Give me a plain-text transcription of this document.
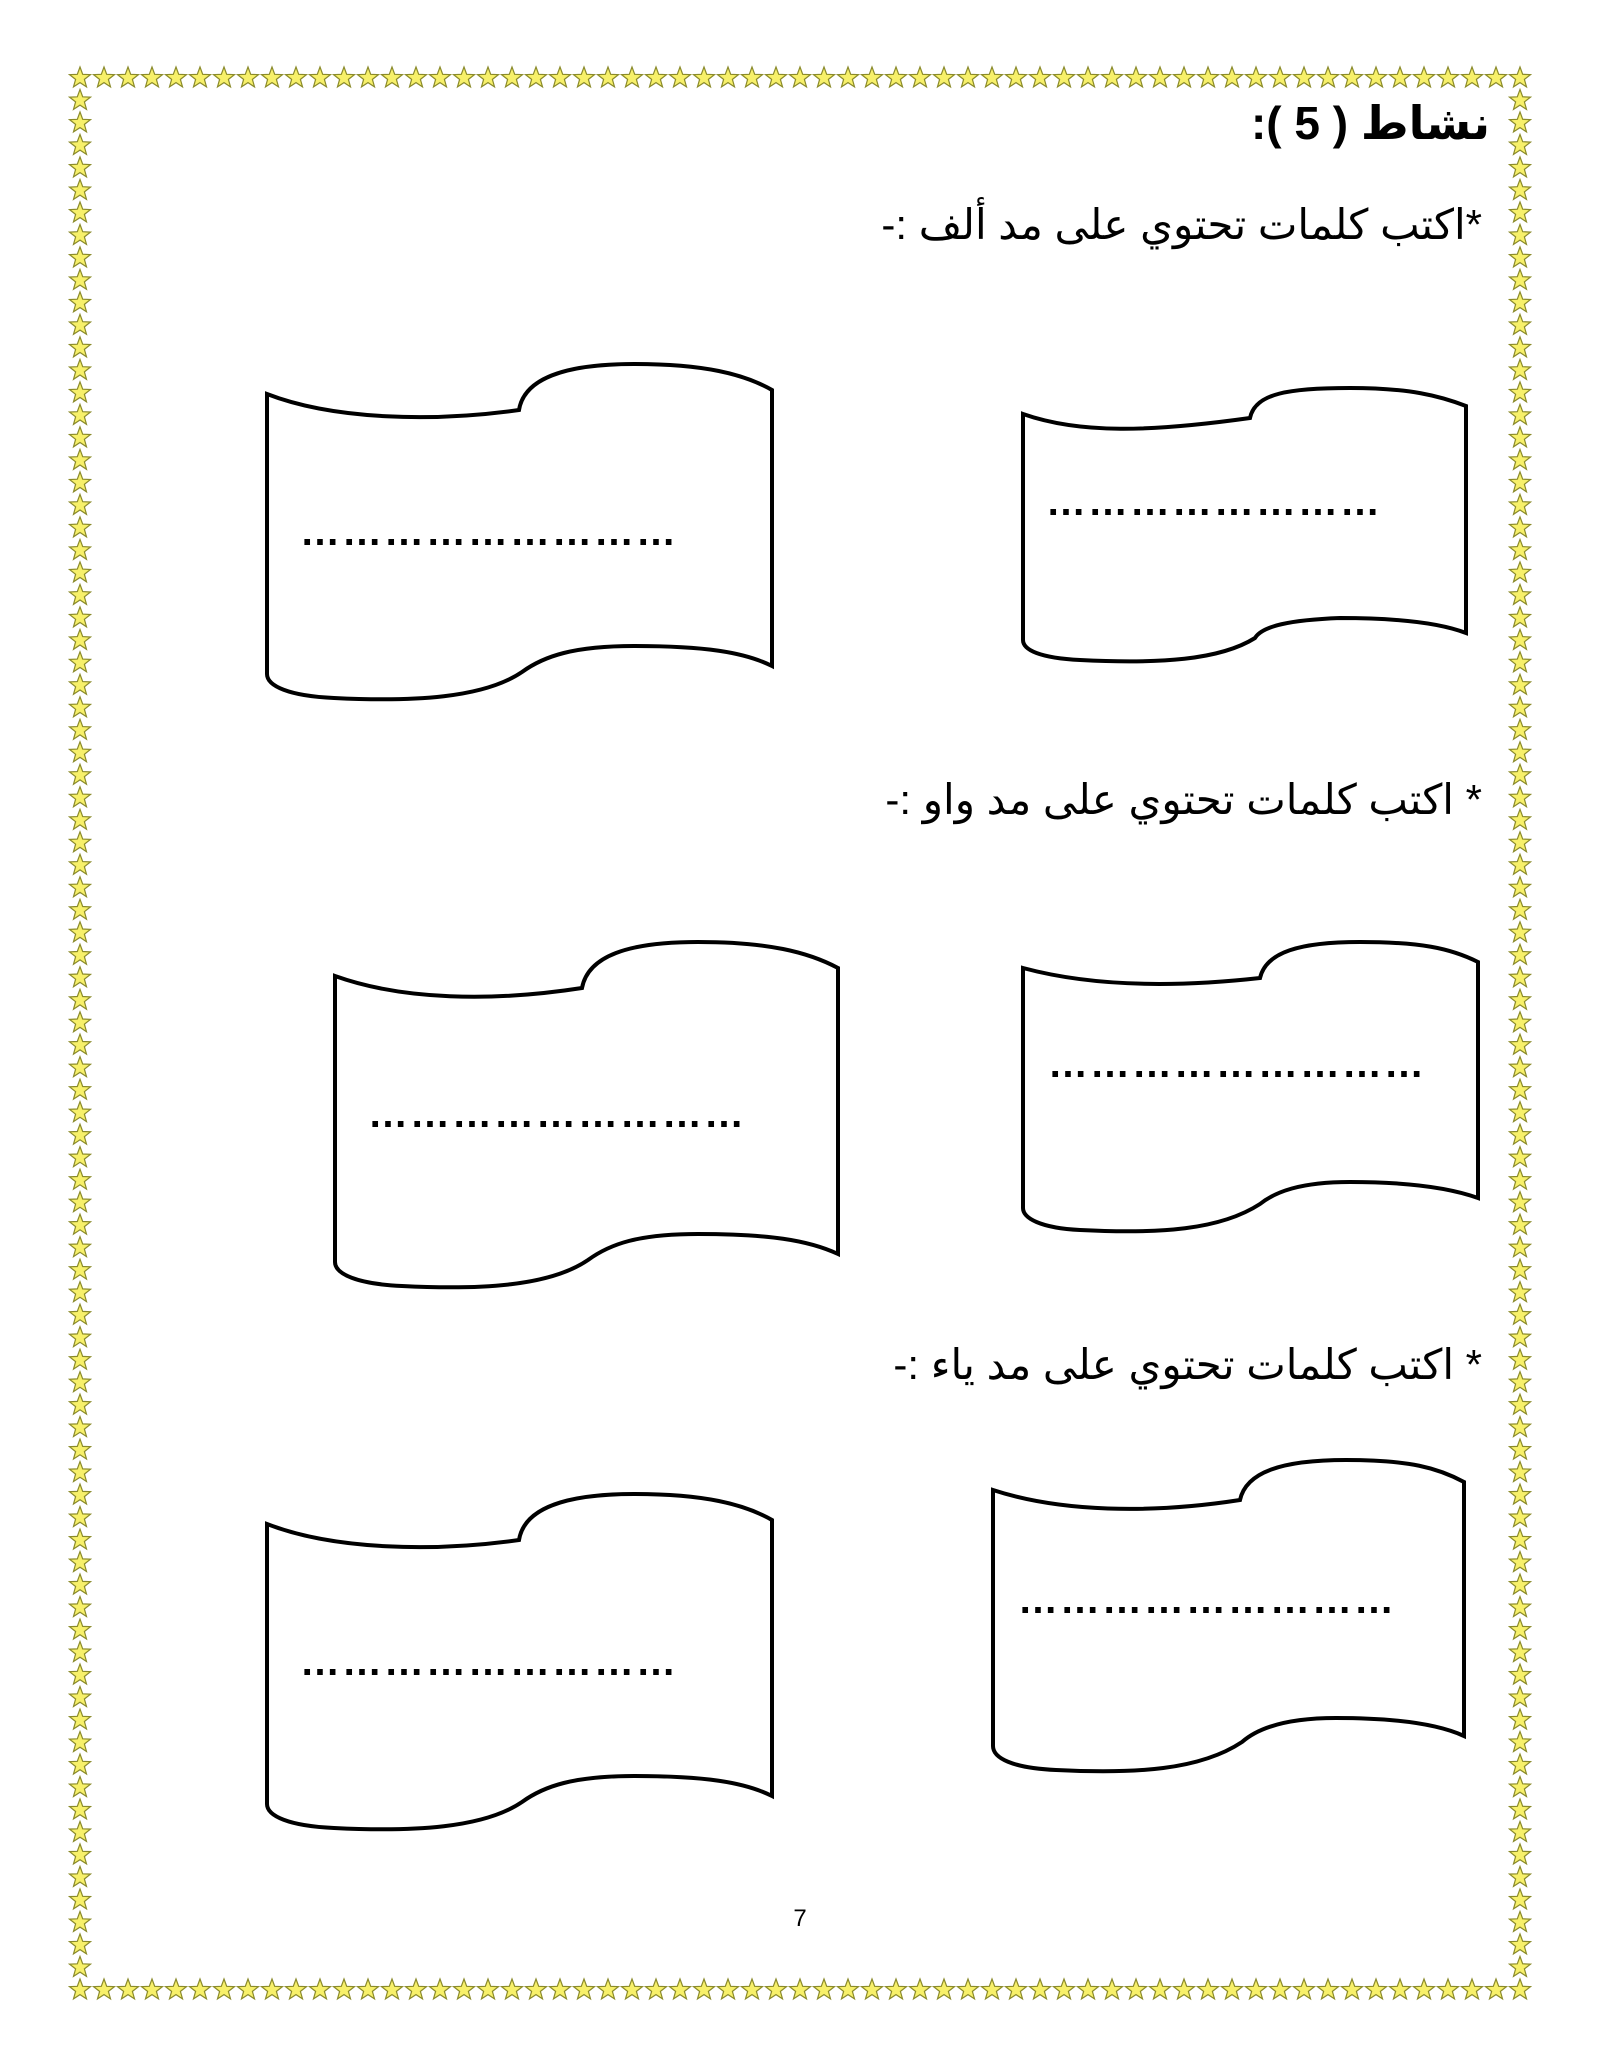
نشاط ( 5 ):
*اكتب كلمات تحتوي على مد ألف :-
……………………
………………………
* اكتب كلمات تحتوي على مد واو :-
………………………
………………………
* اكتب كلمات تحتوي على مد ياء :-
………………………
………………………
7
